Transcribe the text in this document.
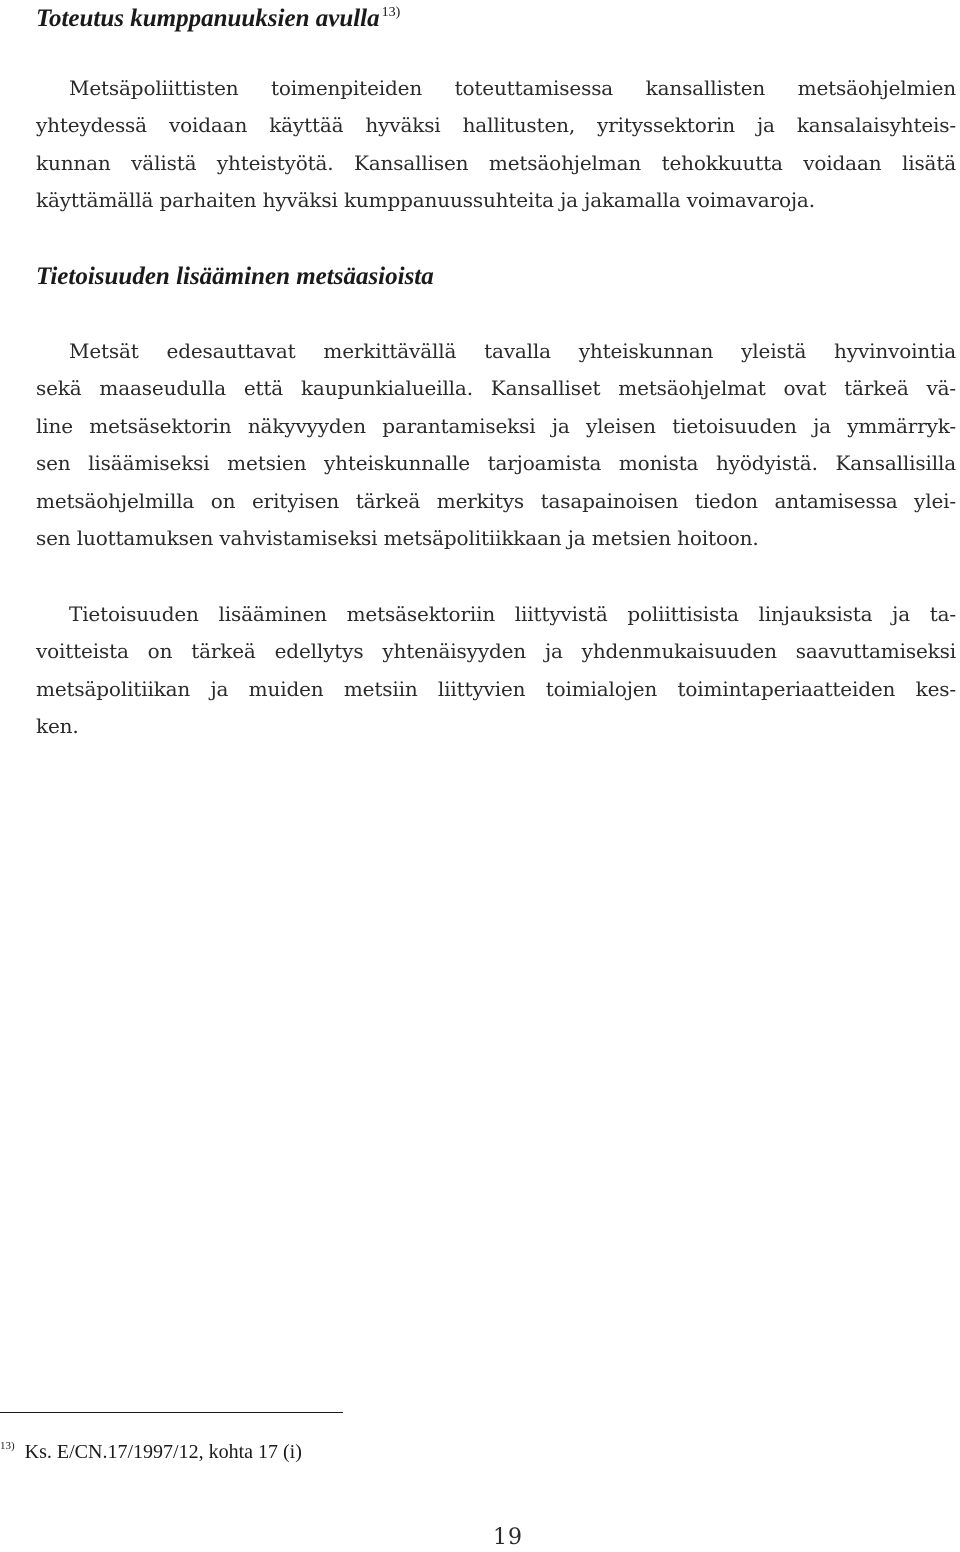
Toteutus kumppanuuksien avulla $^{13)}$

Metsäpoliittisten toimenpiteiden toteuttamisessa kansallisten metsäohjelmien
yhteydessä voidaan käyttää hyväksi hallitusten, yrityssektorin ja kansalaisyhteis-
kunnan välistä yhteistyötä. Kansallisen metsäohjelman tehokkuutta voidaan lisätä
käyttämällä parhaiten hyväksi kumppanuussuhteita ja jakamalla voimavaroja.

Tietoisuuden lisääminen metsäasioista

Metsät edesauttavat merkittävällä tavalla yhteiskunnan yleistä hyvinvointia
sekä maaseudulla että kaupunkialueilla. Kansalliset metsäohjelmat ovat tärkeä vä-
line metsäsektorin näkyvyyden parantamiseksi ja yleisen tietoisuuden ja ymmärryk-
sen lisäämiseksi metsien yhteiskunnalle tarjoamista monista hyödyistä. Kansallisilla
metsäohjelmilla on erityisen tärkeä merkitys tasapainoisen tiedon antamisessa ylei-
sen luottamuksen vahvistamiseksi metsäpolitiikkaan ja metsien hoitoon.

Tietoisuuden lisääminen metsäsektoriin liittyvistä poliittisista linjauksista ja ta-
voitteista on tärkeä edellytys yhtenäisyyden ja yhdenmukaisuuden saavuttamiseksi
metsäpolitiikan ja muiden metsiin liittyvien toimialojen toimintaperiaatteiden kes-
ken.

$^{13)}$ Ks. E/CN.17/1997/12, kohta 17 (i)

19
